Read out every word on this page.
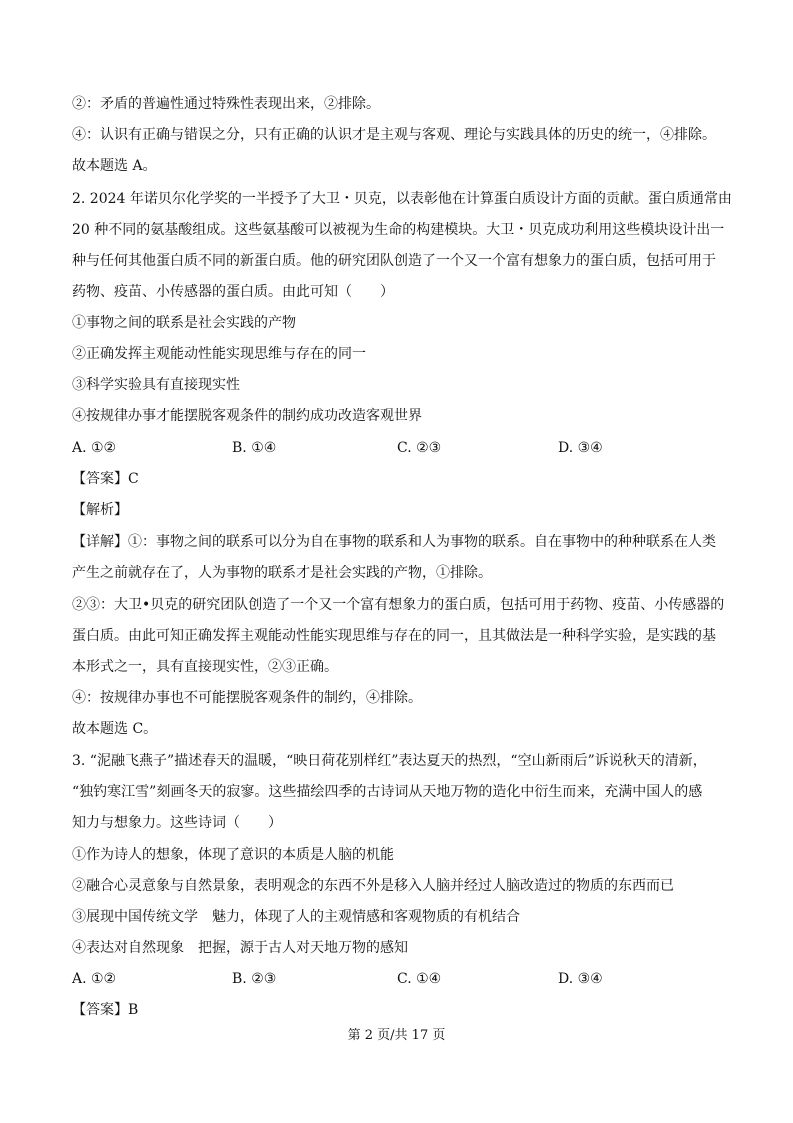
②：矛盾的普遍性通过特殊性表现出来，②排除。
④：认识有正确与错误之分，只有正确的认识才是主观与客观、理论与实践具体的历史的统一，④排除。
故本题选 A。
2. 2024 年诺贝尔化学奖的一半授予了大卫・贝克，以表彰他在计算蛋白质设计方面的贡献。蛋白质通常由
20 种不同的氨基酸组成。这些氨基酸可以被视为生命的构建模块。大卫・贝克成功利用这些模块设计出一
种与任何其他蛋白质不同的新蛋白质。他的研究团队创造了一个又一个富有想象力的蛋白质，包括可用于
药物、疫苗、小传感器的蛋白质。由此可知（　　）
①事物之间的联系是社会实践的产物
②正确发挥主观能动性能实现思维与存在的同一
③科学实验具有直接现实性
④按规律办事才能摆脱客观条件的制约成功改造客观世界
A. ①②	B. ①④	C. ②③	D. ③④
【答案】C
【解析】
【详解】①：事物之间的联系可以分为自在事物的联系和人为事物的联系。自在事物中的种种联系在人类
产生之前就存在了，人为事物的联系才是社会实践的产物，①排除。
②③：大卫•贝克的研究团队创造了一个又一个富有想象力的蛋白质，包括可用于药物、疫苗、小传感器的
蛋白质。由此可知正确发挥主观能动性能实现思维与存在的同一，且其做法是一种科学实验，是实践的基
本形式之一，具有直接现实性，②③正确。
④：按规律办事也不可能摆脱客观条件的制约，④排除。
故本题选 C。
3. “泥融飞燕子”描述春天的温暖，“映日荷花别样红”表达夏天的热烈，“空山新雨后”诉说秋天的清新，
“独钓寒江雪”刻画冬天的寂寥。这些描绘四季的古诗词从天地万物的造化中衍生而来，充满中国人的感
知力与想象力。这些诗词（　　）
①作为诗人的想象，体现了意识的本质是人脑的机能
②融合心灵意象与自然景象，表明观念的东西不外是移入人脑并经过人脑改造过的物质的东西而已
③展现中国传统文学　魅力，体现了人的主观情感和客观物质的有机结合
④表达对自然现象　把握，源于古人对天地万物的感知
A. ①②	B. ②③	C. ①④	D. ③④
【答案】B
第 2 页/共 17 页
